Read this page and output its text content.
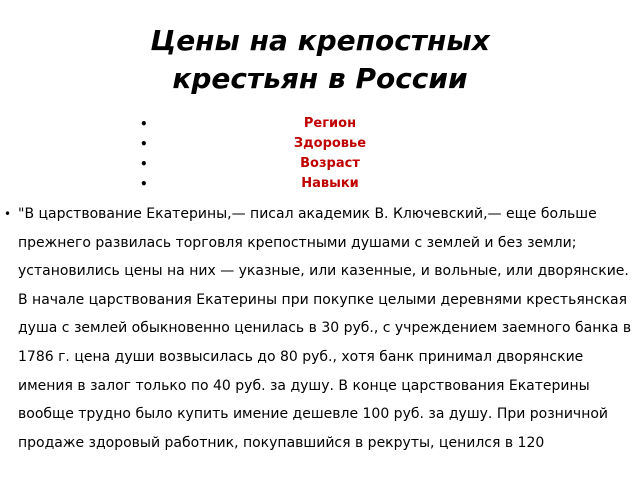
Цены на крепостных
крестьян в России
•	Регион
•	Здоровье
•	Возраст
•	Навыки
• "В царствование Екатерины,— писал академик В. Ключевский,— еще больше прежнего развилась торговля крепостными душами с землей и без земли; установились цены на них — указные, или казенные, и вольные, или дворянские. В начале царствования Екатерины при покупке целыми деревнями крестьянская душа с землей обыкновенно ценилась в 30 руб., с учреждением заемного банка в 1786 г. цена души возвысилась до 80 руб., хотя банк принимал дворянские имения в залог только по 40 руб. за душу. В конце царствования Екатерины вообще трудно было купить имение дешевле 100 руб. за душу. При розничной продаже здоровый работник, покупавшийся в рекруты, ценился в 120
